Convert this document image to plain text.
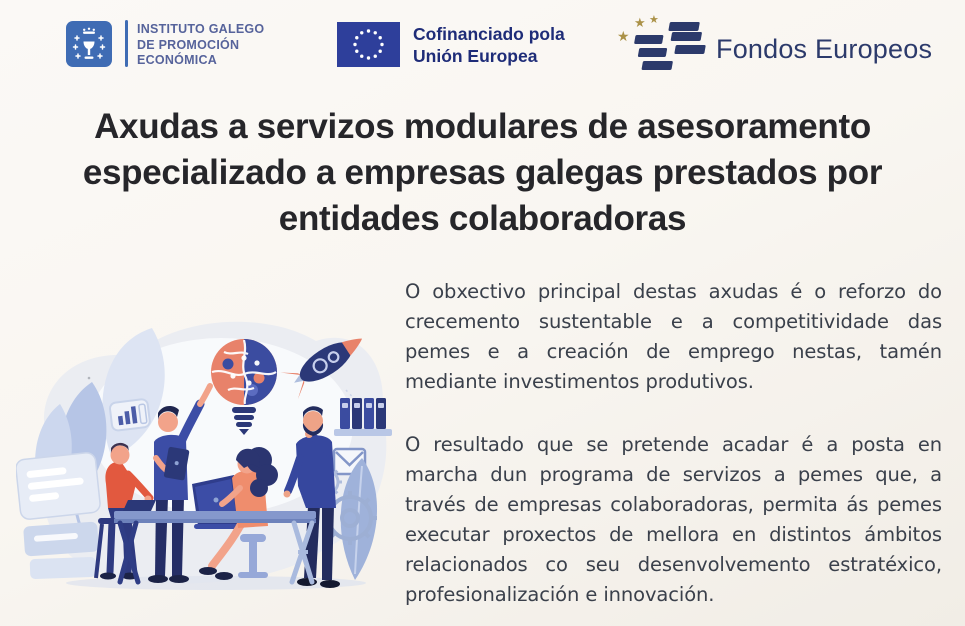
INSTITUTO GALEGO
DE PROMOCIÓN
ECONÓMICA
Cofinanciado pola
Unión Europea
★ ★
★	Fondos Europeos
Axudas a servizos modulares de asesoramento
especializado a empresas galegas prestados por
entidades colaboradoras
O obxectivo principal destas axudas é o reforzo do crecemento sustentable e a competitividade das pemes e a creación de emprego nestas, tamén mediante investimentos produtivos.
O resultado que se pretende acadar é a posta en marcha dun programa de servizos a pemes que, a través de empresas colaboradoras, permita ás pemes executar proxectos de mellora en distintos ámbitos relacionados co seu desenvolvemento estratéxico, profesionalización e innovación.
